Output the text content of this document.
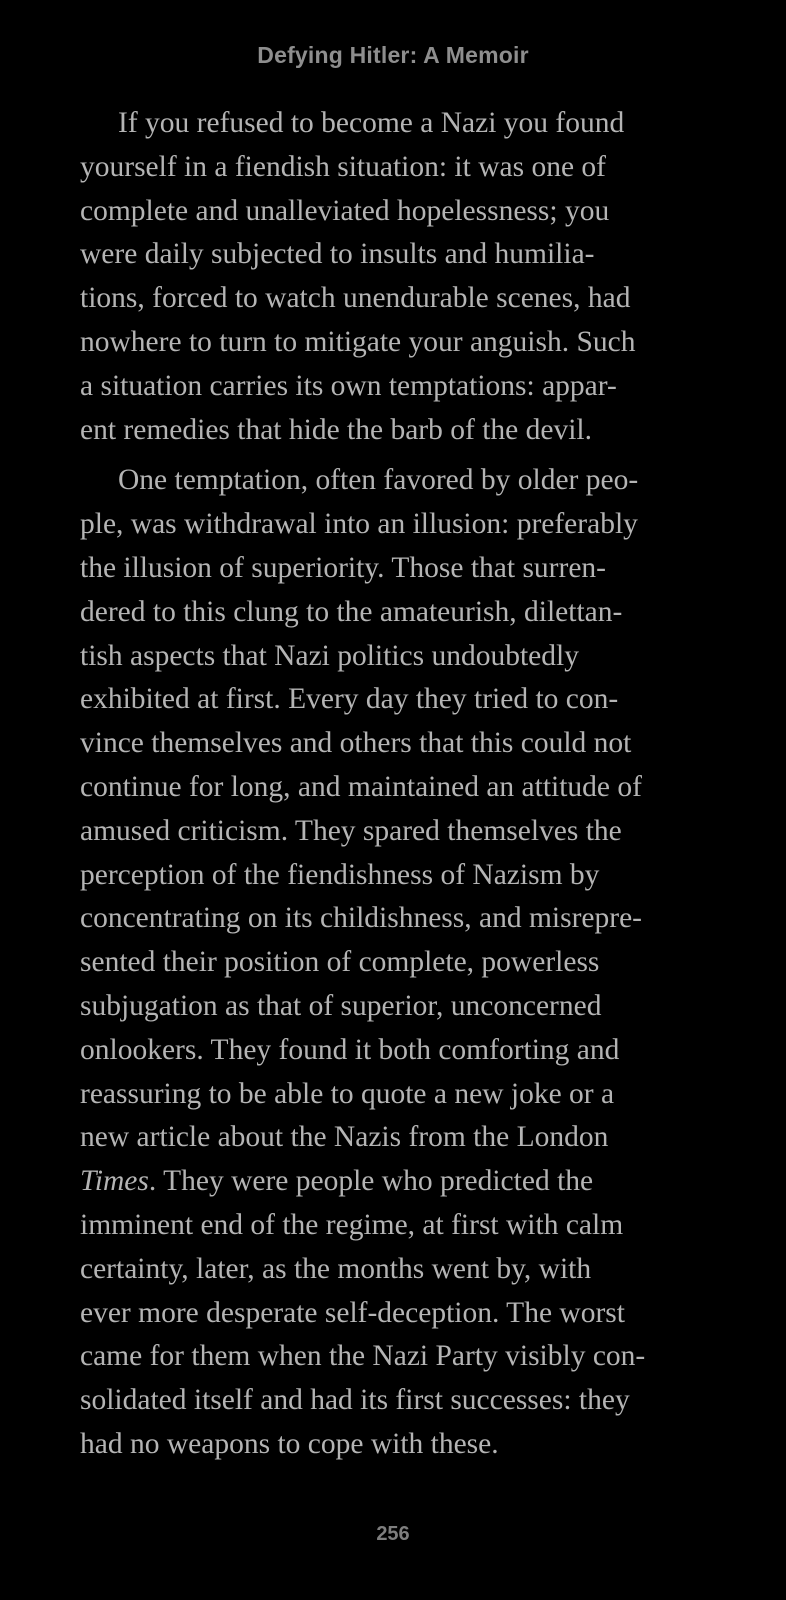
Defying Hitler: A Memoir
If you refused to become a Nazi you found
yourself in a fiendish situation: it was one of
complete and unalleviated hopelessness; you
were daily subjected to insults and humilia-
tions, forced to watch unendurable scenes, had
nowhere to turn to mitigate your anguish. Such
a situation carries its own temptations: appar-
ent remedies that hide the barb of the devil.
One temptation, often favored by older peo-
ple, was withdrawal into an illusion: preferably
the illusion of superiority. Those that surren-
dered to this clung to the amateurish, dilettan-
tish aspects that Nazi politics undoubtedly
exhibited at first. Every day they tried to con-
vince themselves and others that this could not
continue for long, and maintained an attitude of
amused criticism. They spared themselves the
perception of the fiendishness of Nazism by
concentrating on its childishness, and misrepre-
sented their position of complete, powerless
subjugation as that of superior, unconcerned
onlookers. They found it both comforting and
reassuring to be able to quote a new joke or a
new article about the Nazis from the London
Times. They were people who predicted the
imminent end of the regime, at first with calm
certainty, later, as the months went by, with
ever more desperate self-deception. The worst
came for them when the Nazi Party visibly con-
solidated itself and had its first successes: they
had no weapons to cope with these.
256
